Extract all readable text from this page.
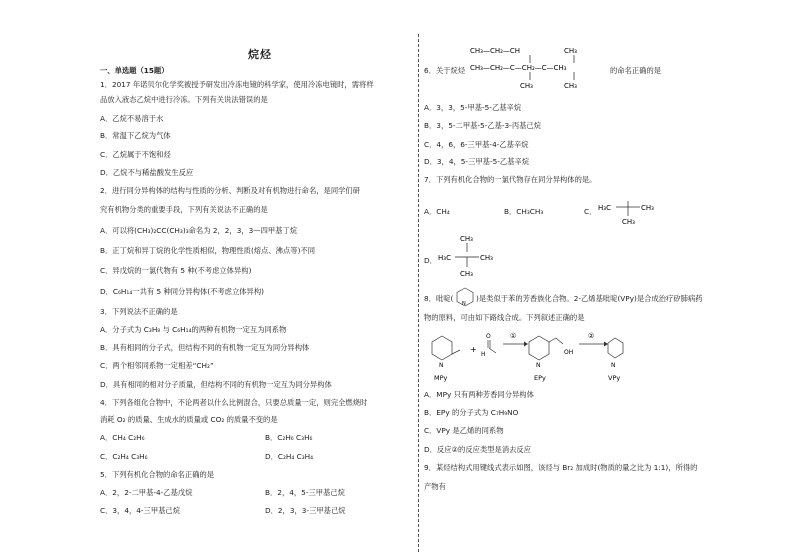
烷烃
一、单选题（15题）
1．2017 年诺贝尔化学奖被授予研发出冷冻电镜的科学家，使用冷冻电镜时，需将样
品放入液态乙烷中进行冷冻。下列有关说法错误的是
A．乙烷不易溶于水
B．常温下乙烷为气体
C．乙烷属于不饱和烃
D．乙烷不与稀盐酸发生反应
2．进行同分异构体的结构与性质的分析、判断及对有机物进行命名，是同学们研
究有机物分类的重要手段，下列有关说法不正确的是
A．可以将(CH₃)₂CC(CH₃)₃命名为 2，2，3，3—四甲基丁烷
B．正丁烷和异丁烷的化学性质相似，物理性质(熔点、沸点等)不同
C．异戊烷的一氯代物有 5 种(不考虑立体异构)
D．C₆H₁₄一共有 5 种同分异构体(不考虑立体异构)
3．下列说法不正确的是
A．分子式为 C₃H₈ 与 C₆H₁₄的两种有机物一定互为同系物
B．具有相同的分子式，但结构不同的有机物一定互为同分异构体
C．两个相邻同系物一定相差“CH₂”
D．具有相同的相对分子质量，但结构不同的有机物一定互为同分异构体
4．下列各组化合物中，不论两者以什么比例混合，只要总质量一定，则完全燃烧时
消耗 O₂ 的质量、生成水的质量或 CO₂ 的质量不变的是
A．CH₄ C₂H₆	B．C₂H₆ C₃H₆
C．C₂H₄ C₃H₆	D．C₂H₄ C₃H₄
5．下列有机化合物的命名正确的是
A．2，2-二甲基-4-乙基戊烷	B．2，4，5-三甲基己烷
C．3，4，4-三甲基己烷	D．2，3，3-三甲基己烷
CH₃—CH₂—CH
CH₃—CH₂—C—CH₂—C—CH₃
CH₃
CH₃	CH₃
6．关于烷烃	的命名正确的是
A．3，3，5-甲基-5-乙基辛烷
B．3，5-二甲基-5-乙基-3-丙基己烷
C．4，6，6-三甲基-4-乙基辛烷
D．3，4，5-三甲基-5-乙基辛烷
7．下列有机化合物的一氯代物存在同分异构体的是。
A．CH₄	B．CH₃CH₃	C． H₃C	CH₃
CH₃
D．
CH₃
H₃C	CH₃
CH₃
8．吡啶(
N
)是类似于苯的芳香族化合物。2-乙烯基吡啶(VPy)是合成治疗矽肺病药
物的原料，可由如下路线合成。下列叙述正确的是
N
MPy
+
O
H
①
OH
N
EPy
②
N
VPy
A．MPy 只有两种芳香同分异构体
B．EPy 的分子式为 C₇H₉NO
C．VPy 是乙烯的同系物
D．反应②的反应类型是消去反应
9．某烃结构式用键线式表示如图，该烃与 Br₂ 加成时(物质的量之比为 1:1)，所得的
产物有
